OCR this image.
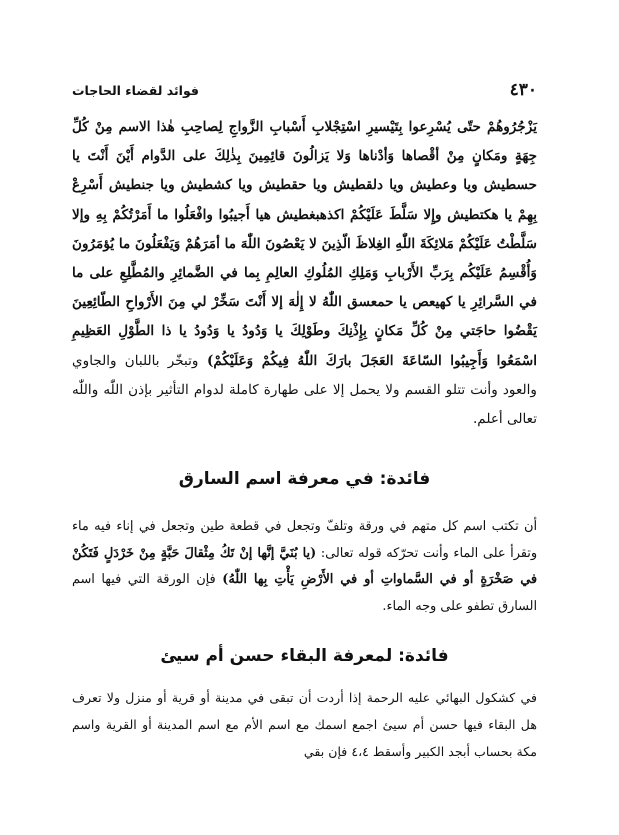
٤٣٠
فوائد لقضاء الحاجات

يَزْجُرُوهُمْ حتّى يُسْرِعوا بِتَيْسيرِ اسْتِجْلابِ أَسْبابِ الزَّواجِ لِصاحِبِ هٰذا الاسم مِنْ كُلِّ جِهَةٍ ومَكانٍ مِنْ أقْصاها وَأدْناها وَلا يَزالُونَ قائِمِينَ بِذٰلِكَ على الدَّوام أَيْنَ أَنْتَ يا حسطيش ويا وعطيش ويا دلقطيش ويا حقطيش ويا كشطيش ويا جنطيش أَسْرِعْ بِهِمْ يا هكتطيش وإِلا سَلَّطَ عَلَيْكُمْ اكذهبغطيش هيا أَجيبُوا وافْعَلُوا ما أَمَرْتُكُمْ بِهِ وإلا سَلَّطْتُ عَلَيْكُمْ مَلائِكَةَ اللّٰهِ الغِلاظَ الّذِينَ لا يَعْصُونَ اللّٰهَ ما أمَرَهُمْ وَيَفْعَلُونَ ما يُؤمَرُونَ وَأُقْسِمُ عَلَيْكُم بِرَبِّ الأَرْبابِ وَمَلِكِ المُلُوكِ العالِمِ بِما في الضَّمائِرِ والمُطَّلِعِ على ما في السَّرائِرِ يا كهيعص يا حمعسق اللّٰهُ لا إِلٰهَ إلا أَنْتَ سَخِّرْ لي مِنَ الأَرْواحِ الطّائِعِينَ يَقْضُوا حاجَتي مِنْ كُلِّ مَكانٍ بِإِذْنِكَ وطَوْلِكَ يا وَدُودُ يا وَدُودُ يا ذا الطَّوْلِ العَظِيمِ اسْمَعُوا وَأَجِيبُوا السّاعَةَ العَجَلَ بارَكَ اللّٰهُ فِيكُمْ وَعَلَيْكُمْ) وتبخّر باللبان والجاوي والعود وأنت تتلو القسم ولا يحمل إلا على طهارة كاملة لدوام التأثير بإذن اللّٰه واللّٰه تعالى أعلم.

فائدة: في معرفة اسم السارق

أن تكتب اسم كل متهم في ورقة وتلفّ وتجعل في قطعة طين وتجعل في إناء فيه ماء وتقرأ على الماء وأنت تحرّكه قوله تعالى: (يا بُنَيَّ إنَّها إنْ تَكُ مِثْقالَ حَبَّةٍ مِنْ خَرْدَلٍ فَتَكُنْ في صَخْرَةٍ أو في السَّماواتِ أو في الأَرْضِ يَأْتِ بِها اللّٰهُ) فإن الورقة التي فيها اسم السارق تطفو على وجه الماء.

فائدة: لمعرفة البقاء حسن أم سيئ

في كشكول البهائي عليه الرحمة إذا أردت أن تبقى في مدينة أو قرية أو منزل ولا تعرف هل البقاء فيها حسن أم سيئ اجمع اسمك مع اسم الأم مع اسم المدينة أو القرية واسم مكة بحساب أبجد الكبير وأسقط ٤،٤ فإن بقي
